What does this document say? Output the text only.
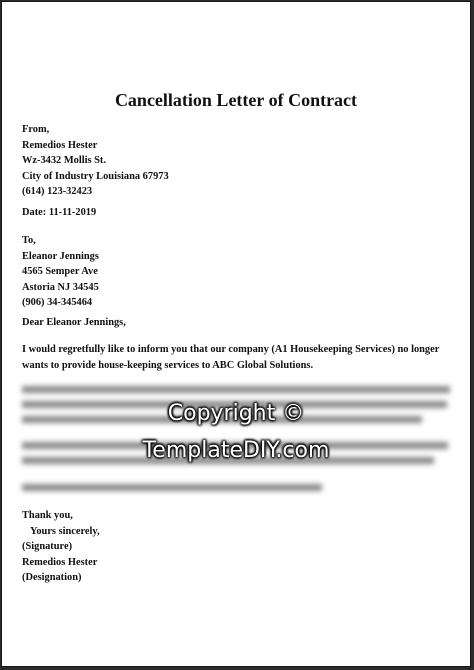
Cancellation Letter of Contract
From,
Remedios Hester
Wz-3432 Mollis St.
City of Industry Louisiana 67973
(614) 123-32423
Date: 11-11-2019
To,
Eleanor Jennings
4565 Semper Ave
Astoria NJ 34545
(906) 34-345464
Dear Eleanor Jennings,
I would regretfully like to inform you that our company (A1 Housekeeping Services) no longer wants to provide house-keeping services to ABC Global Solutions.
Copyright ©
TemplateDIY.com
Thank you,
Yours sincerely,
(Signature)
Remedios Hester
(Designation)
